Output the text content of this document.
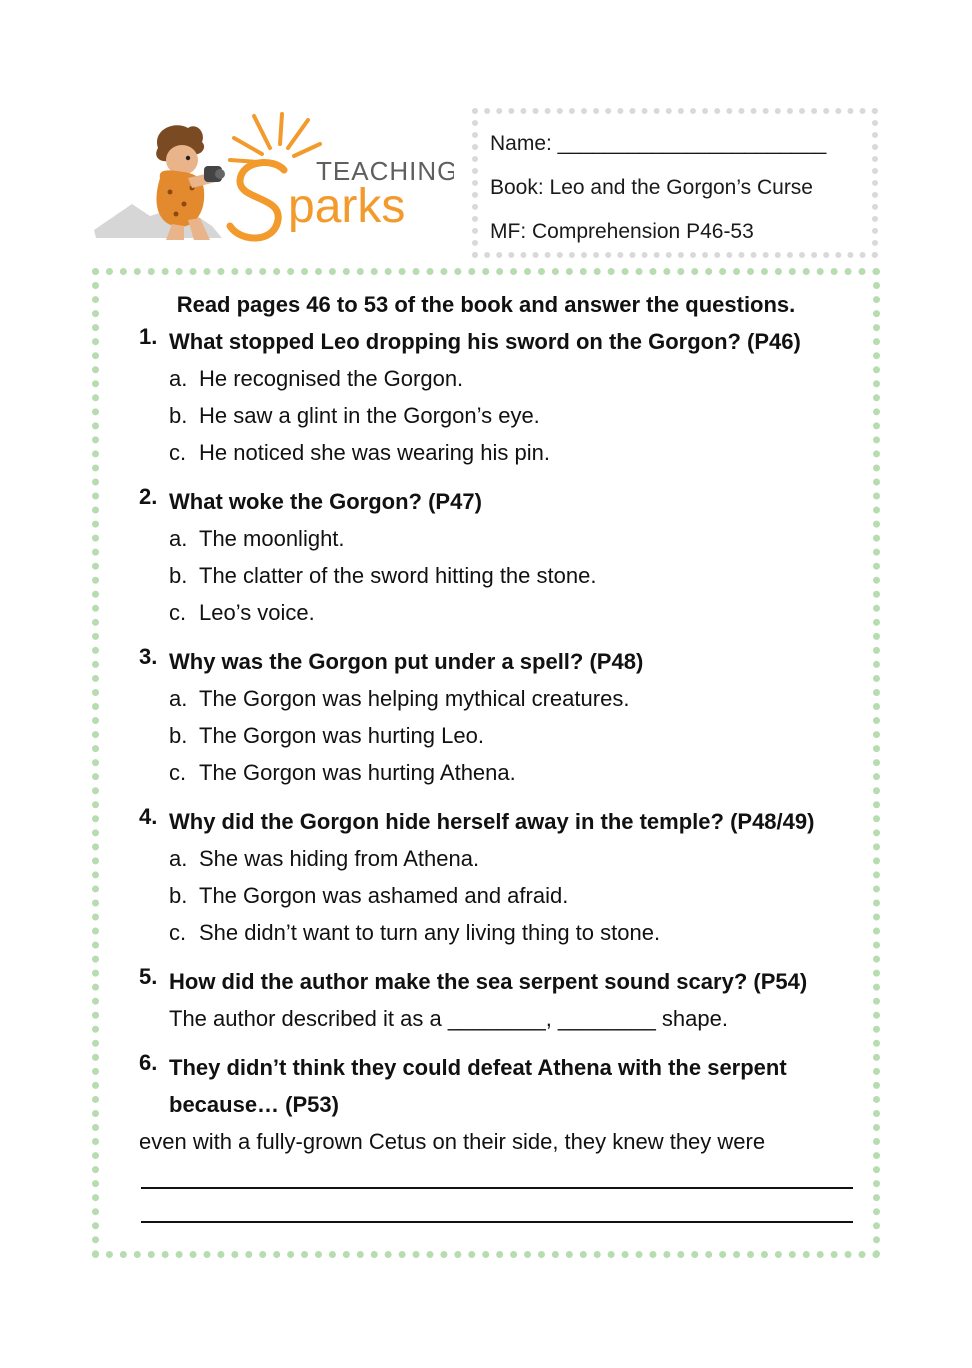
TEACHING
parks
Name: _______________________
Book: Leo and the Gorgon’s Curse
MF: Comprehension P46-53
Read pages 46 to 53 of the book and answer the questions.
1. What stopped Leo dropping his sword on the Gorgon? (P46)
a. He recognised the Gorgon.
b. He saw a glint in the Gorgon’s eye.
c. He noticed she was wearing his pin.
2. What woke the Gorgon? (P47)
a. The moonlight.
b. The clatter of the sword hitting the stone.
c. Leo’s voice.
3. Why was the Gorgon put under a spell? (P48)
a. The Gorgon was helping mythical creatures.
b. The Gorgon was hurting Leo.
c. The Gorgon was hurting Athena.
4. Why did the Gorgon hide herself away in the temple? (P48/49)
a. She was hiding from Athena.
b. The Gorgon was ashamed and afraid.
c. She didn’t want to turn any living thing to stone.
5. How did the author make the sea serpent sound scary? (P54)
The author described it as a ________, ________ shape.
6. They didn’t think they could defeat Athena with the serpent because… (P53)
even with a fully-grown Cetus on their side, they knew they were
